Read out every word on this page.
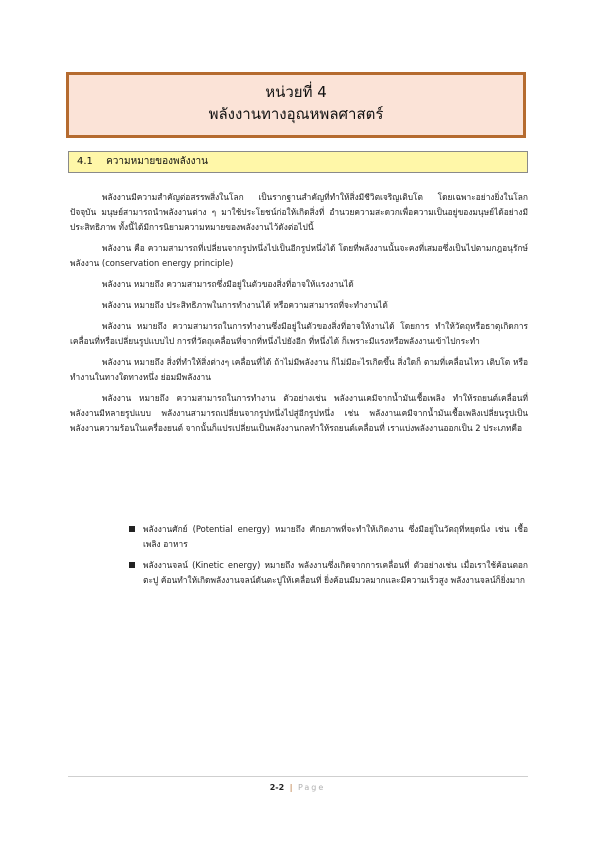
หน่วยที่ 4
พลังงานทางอุณหพลศาสตร์
4.1 ความหมายของพลังงาน

พลังงานมีความสำคัญต่อสรรพสิ่งในโลก เป็นรากฐานสำคัญที่ทำให้สิ่งมีชีวิตเจริญเติบโต โดยเฉพาะอย่างยิ่งในโลกปัจจุบัน มนุษย์สามารถนำพลังงานต่าง ๆ มาใช้ประโยชน์ก่อให้เกิดสิ่งที่ อำนวยความสะดวกเพื่อความเป็นอยู่ของมนุษย์ได้อย่างมีประสิทธิภาพ ทั้งนี้ได้มีการนิยามความหมายของพลังงานไว้ดังต่อไปนี้

พลังงาน คือ ความสามารถที่เปลี่ยนจากรูปหนึ่งไปเป็นอีกรูปหนึ่งได้ โดยที่พลังงานนั้นจะคงที่เสมอซึ่งเป็นไปตามกฎอนุรักษ์พลังงาน (conservation energy principle)

พลังงาน หมายถึง ความสามารถซึ่งมีอยู่ในตัวของสิ่งที่อาจให้แรงงานได้

พลังงาน หมายถึง ประสิทธิภาพในการทำงานได้ หรือความสามารถที่จะทำงานได้

พลังงาน หมายถึง ความสามารถในการทำงานซึ่งมีอยู่ในตัวของสิ่งที่อาจให้งานได้ โดยการ ทำให้วัตถุหรือธาตุเกิดการเคลื่อนที่หรือเปลี่ยนรูปแบบไป การที่วัตถุเคลื่อนที่จากที่หนึ่งไปยังอีก ที่หนึ่งได้ ก็เพราะมีแรงหรือพลังงานเข้าไปกระทำ

พลังงาน หมายถึง สิ่งที่ทำให้สิ่งต่างๆ เคลื่อนที่ได้ ถ้าไม่มีพลังงาน ก็ไม่มีอะไรเกิดขึ้น สิ่งใดก็ ตามที่เคลื่อนไหว เติบโต หรือทำงานในทางใดทางหนึ่ง ย่อมมีพลังงาน

พลังงาน หมายถึง ความสามารถในการทำงาน ตัวอย่างเช่น พลังงานเคมีจากน้ำมันเชื้อเพลิง ทำให้รถยนต์เคลื่อนที่ พลังงานมีหลายรูปแบบ พลังงานสามารถเปลี่ยนจากรูปหนึ่งไปสู่อีกรูปหนึ่ง เช่น พลังงานเคมีจากน้ำมันเชื้อเพลิงเปลี่ยนรูปเป็นพลังงานความร้อนในเครื่องยนต์ จากนั้นก็แปรเปลี่ยนเป็นพลังงานกลทำให้รถยนต์เคลื่อนที่ เราแบ่งพลังงานออกเป็น 2 ประเภทคือ

พลังงานศักย์ (Potential energy) หมายถึง ศักยภาพที่จะทำให้เกิดงาน ซึ่งมีอยู่ในวัตถุที่หยุดนิ่ง เช่น เชื้อเพลิง อาหาร
พลังงานจลน์ (Kinetic energy) หมายถึง พลังงานซึ่งเกิดจากการเคลื่อนที่ ตัวอย่างเช่น เมื่อเราใช้ค้อนตอกตะปู ค้อนทำให้เกิดพลังงานจลน์ดันตะปูให้เคลื่อนที่ ยิ่งค้อนมีมวลมากและมีความเร็วสูง พลังงานจลน์ก็ยิ่งมาก
2-2 | Page
